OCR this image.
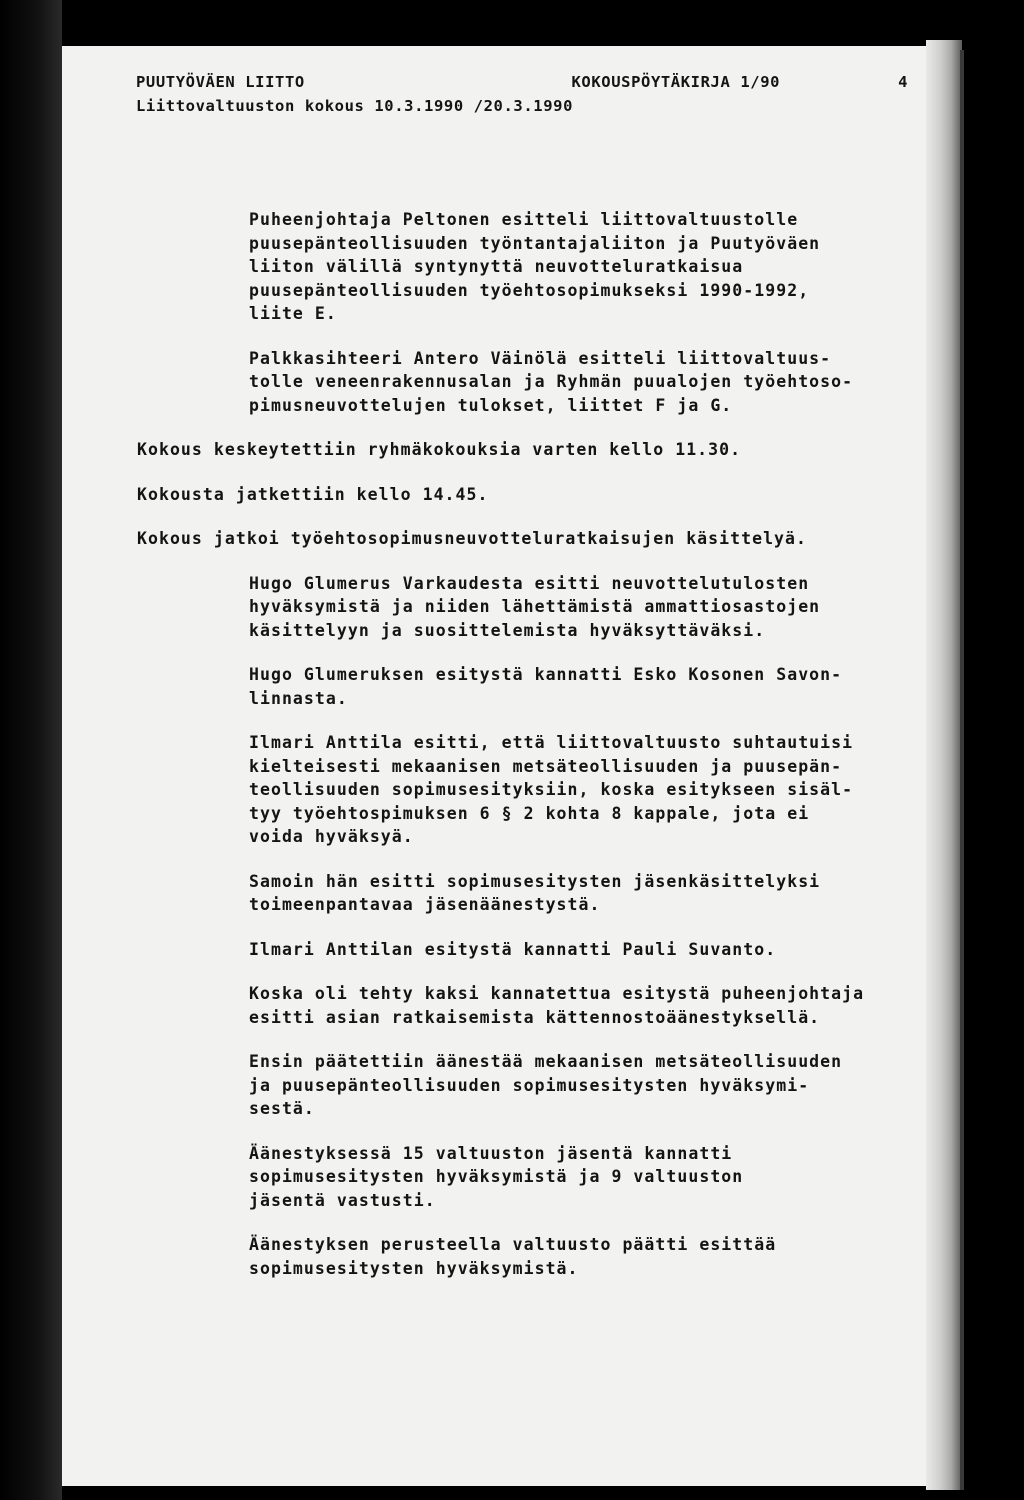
PUUTYÖVÄEN LIITTO	KOKOUSPÖYTÄKIRJA 1/90	4
Liittovaltuuston kokous 10.3.1990 /20.3.1990

Puheenjohtaja Peltonen esitteli liittovaltuustolle
puusepänteollisuuden työntantajaliiton ja Puutyöväen
liiton välillä syntynyttä neuvotteluratkaisua
puusepänteollisuuden työehtosopimukseksi 1990-1992,
liite E.

Palkkasihteeri Antero Väinölä esitteli liittovaltuus-
tolle veneenrakennusalan ja Ryhmän puualojen työehtoso-
pimusneuvottelujen tulokset, liittet F ja G.

Kokous keskeytettiin ryhmäkokouksia varten kello 11.30.

Kokousta jatkettiin kello 14.45.

Kokous jatkoi työehtosopimusneuvotteluratkaisujen käsittelyä.

Hugo Glumerus Varkaudesta esitti neuvottelutulosten
hyväksymistä ja niiden lähettämistä ammattiosastojen
käsittelyyn ja suosittelemista hyväksyttäväksi.

Hugo Glumeruksen esitystä kannatti Esko Kosonen Savon-
linnasta.

Ilmari Anttila esitti, että liittovaltuusto suhtautuisi
kielteisesti mekaanisen metsäteollisuuden ja puusepän-
teollisuuden sopimusesityksiin, koska esitykseen sisäl-
tyy työehtospimuksen 6 § 2 kohta 8 kappale, jota ei
voida hyväksyä.

Samoin hän esitti sopimusesitysten jäsenkäsittelyksi
toimeenpantavaa jäsenäänestystä.

Ilmari Anttilan esitystä kannatti Pauli Suvanto.

Koska oli tehty kaksi kannatettua esitystä puheenjohtaja
esitti asian ratkaisemista kättennostoäänestyksellä.

Ensin päätettiin äänestää mekaanisen metsäteollisuuden
ja puusepänteollisuuden sopimusesitysten hyväksymi-
sestä.

Äänestyksessä 15 valtuuston jäsentä kannatti
sopimusesitysten hyväksymistä ja 9 valtuuston
jäsentä vastusti.

Äänestyksen perusteella valtuusto päätti esittää
sopimusesitysten hyväksymistä.
